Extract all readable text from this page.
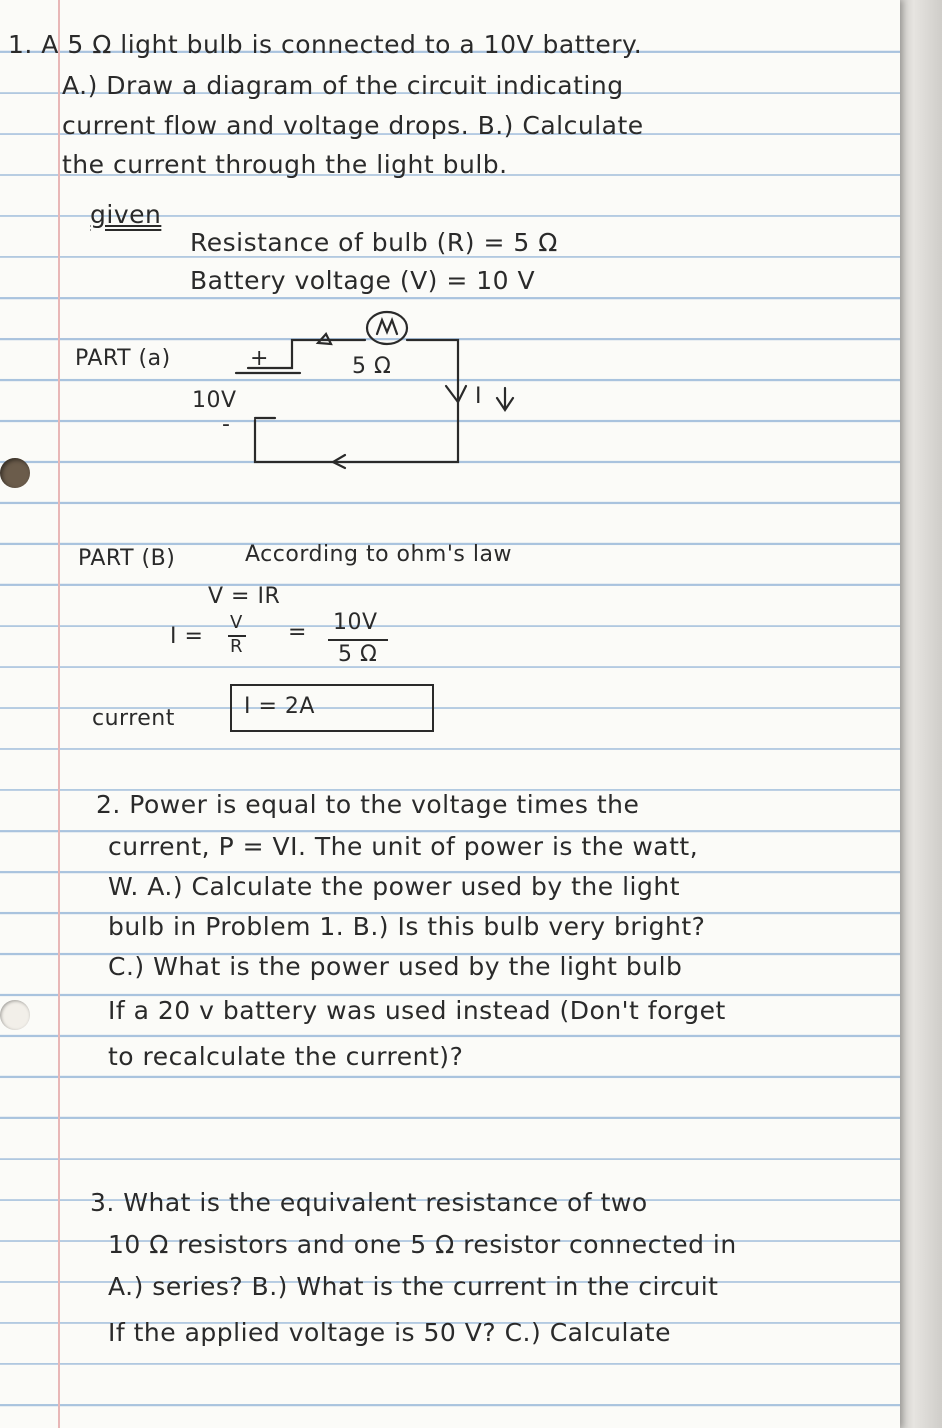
1. A 5 Ω light bulb is connected to a 10V battery.
A.) Draw a diagram of the circuit indicating
current flow and voltage drops. B.) Calculate
the current through the light bulb.
given
Resistance of bulb (R) = 5 Ω
Battery voltage (V) = 10 V
PART (a)	+
10V
-
5 Ω
I
PART (B)	According to ohm's law
V = IR
I =
V
R
= 10V
5 Ω
current	I = 2A
2. Power is equal to the voltage times the
current, P = VI. The unit of power is the watt,
W. A.) Calculate the power used by the light
bulb in Problem 1. B.) Is this bulb very bright?
C.) What is the power used by the light bulb
If a 20 v battery was used instead (Don't forget
to recalculate the current)?
3. What is the equivalent resistance of two
10 Ω resistors and one 5 Ω resistor connected in
A.) series? B.) What is the current in the circuit
If the applied voltage is 50 V? C.) Calculate
